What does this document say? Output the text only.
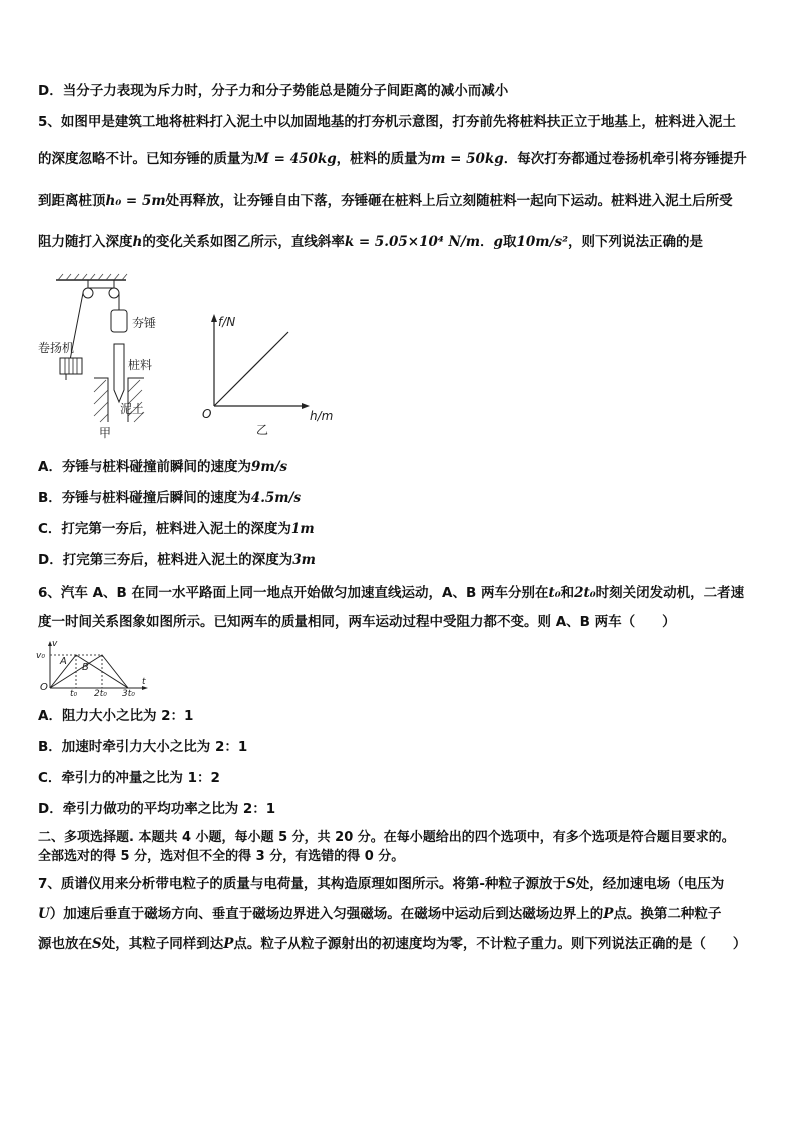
D．当分子力表现为斥力时，分子力和分子势能总是随分子间距离的减小而减小
5、如图甲是建筑工地将桩料打入泥土中以加固地基的打夯机示意图，打夯前先将桩料扶正立于地基上，桩料进入泥土
的深度忽略不计。已知夯锤的质量为M = 450kg，桩料的质量为m = 50kg．每次打夯都通过卷扬机牵引将夯锤提升
到距离桩顶h₀ = 5m处再释放，让夯锤自由下落，夯锤砸在桩料上后立刻随桩料一起向下运动。桩料进入泥土后所受
阻力随打入深度h的变化关系如图乙所示，直线斜率k = 5.05×10⁴ N/m．g取10m/s²，则下列说法正确的是
夯锤
卷扬机
桩料
泥土
甲
f/N
h/m
O
乙
A．夯锤与桩料碰撞前瞬间的速度为9m/s
B．夯锤与桩料碰撞后瞬间的速度为4.5m/s
C．打完第一夯后，桩料进入泥土的深度为1m
D．打完第三夯后，桩料进入泥土的深度为3m
6、汽车 A、B 在同一水平路面上同一地点开始做匀加速直线运动，A、B 两车分别在t₀和2t₀时刻关闭发动机，二者速
度一时间关系图象如图所示。已知两车的质量相同，两车运动过程中受阻力都不变。则 A、B 两车（　　）
v
v₀ A
B
O
t₀ 2t₀ 3t₀
t
A．阻力大小之比为 2：1
B．加速时牵引力大小之比为 2：1
C．牵引力的冲量之比为 1：2
D．牵引力做功的平均功率之比为 2：1
二、多项选择题. 本题共 4 小题，每小题 5 分，共 20 分。在每小题给出的四个选项中，有多个选项是符合题目要求的。
全部选对的得 5 分，选对但不全的得 3 分，有选错的得 0 分。
7、质谱仪用来分析带电粒子的质量与电荷量，其构造原理如图所示。将第-种粒子源放于S处，经加速电场（电压为
U）加速后垂直于磁场方向、垂直于磁场边界进入匀强磁场。在磁场中运动后到达磁场边界上的P点。换第二种粒子
源也放在S处，其粒子同样到达P点。粒子从粒子源射出的初速度均为零，不计粒子重力。则下列说法正确的是（　　）
